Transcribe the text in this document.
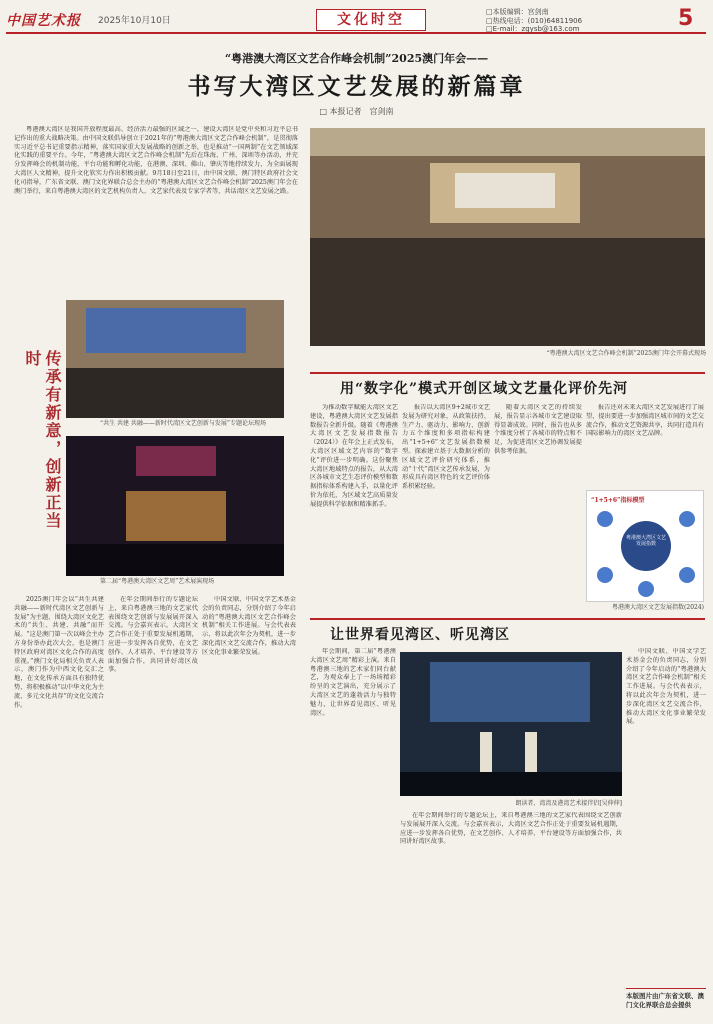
中国艺术报 2025年10月10日	文化时空	□本版编辑：宫剑南
□热线电话：(010)64811906
□E-mail：zgysb@163.com	5
“粤港澳大湾区文艺合作峰会机制”2025澳门年会——
书写大湾区文艺发展的新篇章
□ 本报记者　宫剑南
粤港澳大湾区是我国开放程度最高、经济活力最强的区域之一，建设大湾区是党中央和习近平总书记作出的重大战略决策。由中国文联倡导创立于2021年的“粤港澳大湾区文艺合作峰会机制”，是贯彻落实习近平总书记重要指示精神，落实国家重大发展战略的创新之举，也是推动“一国两制”在文艺领域深化实践的重要平台。今年，“粤港澳大湾区文艺合作峰会机制”先后在珠海、广州、深圳等办活动，并充分发挥峰会的机制功能，平台功能和孵化功能，在港澳、深圳、佛山、肇庆等地持续发力，为全面展现大湾区人文精神，提升文化软实力作出积极贡献。9月18日至21日，由中国文联、澳门特区政府社会文化司指导，广东省文联、澳门文化界联合总会主办的“粤港澳大湾区文艺合作峰会机制”2025澳门年会在澳门举行，来自粤港澳大湾区的文艺机构负责人、文艺家代表及专家学者等，共话湾区文艺发展之路。
“粤港澳大湾区文艺合作峰会机制”2025澳门年会开幕式现场
“共生 共建 共融——新时代湾区文艺创新与发展”专题论坛现场
传承有新意，创新正当时
第二届“粤港澳大湾区文艺周”艺术展演现场
用“数字化”模式开创区域文艺量化评价先河
为推动数字赋能大湾区文艺建设，粤港澳大湾区文艺发展指数报告全新升级。随着《粤港澳大湾区文艺发展指数报告（2024）》在年会上正式发布，大湾区区域文艺内容的“数字化”评价进一步明确。这份聚焦大湾区地域特点的报告，从大湾区各城市文艺生态评价模型和数据指标体系构建入手，以量化评价为依托，为区域文艺高质量发展提供科学依据和精准抓手。
报告以大湾区9+2城市文艺发展为研究对象，从政策扶持、生产力、驱动力、影响力、创新力五个维度和多项指标构建出“1+5+6”文艺发展指数模型。探索建立基于大数据分析的区域文艺评价研究体系，推动“十代”湾区文艺传承发展，为形成具有湾区特色的文艺评价体系积累经验。
随着大湾区文艺的持续发展，报告显示各城市文艺建设取得显著成效。同时，报告也从多个维度分析了各城市的特点和不足，为促进湾区文艺协调发展提供参考依据。
报告还对未来大湾区文艺发展进行了展望，提出要进一步加强湾区城市间的文艺交流合作，推动文艺资源共享，共同打造具有国际影响力的湾区文艺品牌。
“1+5+6”指标模型
粤港澳大湾区文艺发展指数
粤港澳大湾区文艺发展指数(2024)
让世界看见湾区、听见湾区
朗读者、湾湾及港湾艺术接伴侣[吴伸伸]
2025澳门年会以“共生共建 共融——新时代湾区文艺创新与发展”为主题，围绕大湾区文化艺术的“共生、共建、共融”而开展。“这是澳门第一次以峰会主办方身份举办此次大会，也是澳门特区政府对湾区文化合作的高度重视。”澳门文化局相关负责人表示，澳门作为中西文化交汇之地，在文化传承方面具有独特优势，将积极推动“以中华文化为主流、多元文化共存”的文化交流合作。
在年会期间举行的专题论坛上，来自粤港澳三地的文艺家代表围绕文艺创新与发展展开深入交流。与会嘉宾表示，大湾区文艺合作正处于重要发展机遇期，应进一步发挥各自优势，在文艺创作、人才培养、平台建设等方面加强合作，共同讲好湾区故事。
中国文联、中国文学艺术基金会的负责同志，分别介绍了今年启动的“粤港澳大湾区文艺合作峰会机制”相关工作进展。与会代表表示，将以此次年会为契机，进一步深化湾区文艺交流合作，推动大湾区文化事业繁荣发展。	年会期间，第二届“粤港澳大湾区文艺周”精彩上演。来自粤港澳三地的艺术家们同台献艺，为观众奉上了一场场精彩纷呈的文艺演出，充分展示了大湾区文艺的蓬勃活力与独特魅力，让世界看见湾区、听见湾区。
在年会期间举行的专题论坛上，来自粤港澳三地的文艺家代表围绕文艺创新与发展展开深入交流。与会嘉宾表示，大湾区文艺合作正处于重要发展机遇期，应进一步发挥各自优势，在文艺创作、人才培养、平台建设等方面加强合作，共同讲好湾区故事。
中国文联、中国文学艺术基金会的负责同志，分别介绍了今年启动的“粤港澳大湾区文艺合作峰会机制”相关工作进展。与会代表表示，将以此次年会为契机，进一步深化湾区文艺交流合作，推动大湾区文化事业繁荣发展。
本版图片由广东省文联、澳门文化界联合总会提供
